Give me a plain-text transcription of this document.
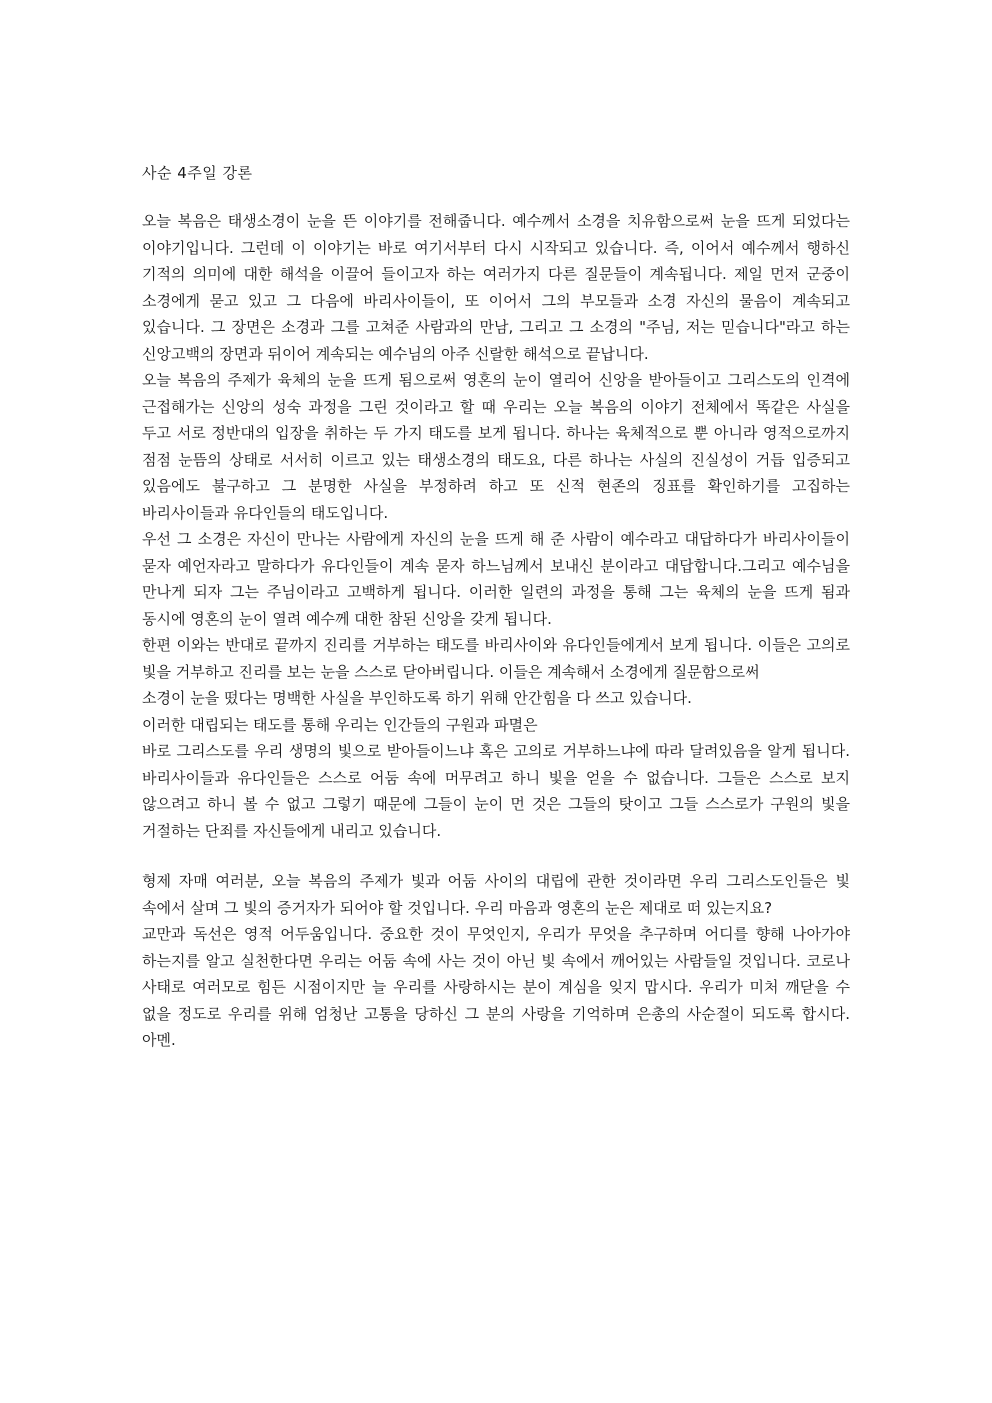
사순 4주일 강론

오늘 복음은 태생소경이 눈을 뜬 이야기를 전해줍니다. 예수께서 소경을 치유함으로써 눈을 뜨게 되었다는 이야기입니다. 그런데 이 이야기는 바로 여기서부터 다시 시작되고 있습니다. 즉, 이어서 예수께서 행하신 기적의 의미에 대한 해석을 이끌어 들이고자 하는 여러가지 다른 질문들이 계속됩니다. 제일 먼저 군중이 소경에게 묻고 있고 그 다음에 바리사이들이, 또 이어서 그의 부모들과 소경 자신의 물음이 계속되고 있습니다. 그 장면은 소경과 그를 고쳐준 사람과의 만남, 그리고 그 소경의 "주님, 저는 믿습니다"라고 하는 신앙고백의 장면과 뒤이어 계속되는 예수님의 아주 신랄한 해석으로 끝납니다.

오늘 복음의 주제가 육체의 눈을 뜨게 됨으로써 영혼의 눈이 열리어 신앙을 받아들이고 그리스도의 인격에 근접해가는 신앙의 성숙 과정을 그린 것이라고 할 때 우리는 오늘 복음의 이야기 전체에서 똑같은 사실을 두고 서로 정반대의 입장을 취하는 두 가지 태도를 보게 됩니다. 하나는 육체적으로 뿐 아니라 영적으로까지 점점 눈뜸의 상태로 서서히 이르고 있는 태생소경의 태도요, 다른 하나는 사실의 진실성이 거듭 입증되고 있음에도 불구하고 그 분명한 사실을 부정하려 하고 또 신적 현존의 징표를 확인하기를 고집하는 바리사이들과 유다인들의 태도입니다.

우선 그 소경은 자신이 만나는 사람에게 자신의 눈을 뜨게 해 준 사람이 예수라고 대답하다가 바리사이들이 묻자 예언자라고 말하다가 유다인들이 계속 묻자 하느님께서 보내신 분이라고 대답합니다.그리고 예수님을 만나게 되자 그는 주님이라고 고백하게 됩니다. 이러한 일련의 과정을 통해 그는 육체의 눈을 뜨게 됨과 동시에 영혼의 눈이 열려 예수께 대한 참된 신앙을 갖게 됩니다.

한편 이와는 반대로 끝까지 진리를 거부하는 태도를 바리사이와 유다인들에게서 보게 됩니다. 이들은 고의로 빛을 거부하고 진리를 보는 눈을 스스로 닫아버립니다. 이들은 계속해서 소경에게 질문함으로써

소경이 눈을 떴다는 명백한 사실을 부인하도록 하기 위해 안간힘을 다 쓰고 있습니다.

이러한 대립되는 태도를 통해 우리는 인간들의 구원과 파멸은

바로 그리스도를 우리 생명의 빛으로 받아들이느냐 혹은 고의로 거부하느냐에 따라 달려있음을 알게 됩니다. 바리사이들과 유다인들은 스스로 어둠 속에 머무려고 하니 빛을 얻을 수 없습니다. 그들은 스스로 보지 않으려고 하니 볼 수 없고 그렇기 때문에 그들이 눈이 먼 것은 그들의 탓이고 그들 스스로가 구원의 빛을 거절하는 단죄를 자신들에게 내리고 있습니다.

형제 자매 여러분, 오늘 복음의 주제가 빛과 어둠 사이의 대립에 관한 것이라면 우리 그리스도인들은 빛 속에서 살며 그 빛의 증거자가 되어야 할 것입니다. 우리 마음과 영혼의 눈은 제대로 떠 있는지요?

교만과 독선은 영적 어두움입니다. 중요한 것이 무엇인지, 우리가 무엇을 추구하며 어디를 향해 나아가야 하는지를 알고 실천한다면 우리는 어둠 속에 사는 것이 아닌 빛 속에서 깨어있는 사람들일 것입니다. 코로나 사태로 여러모로 힘든 시점이지만 늘 우리를 사랑하시는 분이 계심을 잊지 맙시다. 우리가 미처 깨닫을 수 없을 정도로 우리를 위해 엄청난 고통을 당하신 그 분의 사랑을 기억하며 은총의 사순절이 되도록 합시다. 아멘.
